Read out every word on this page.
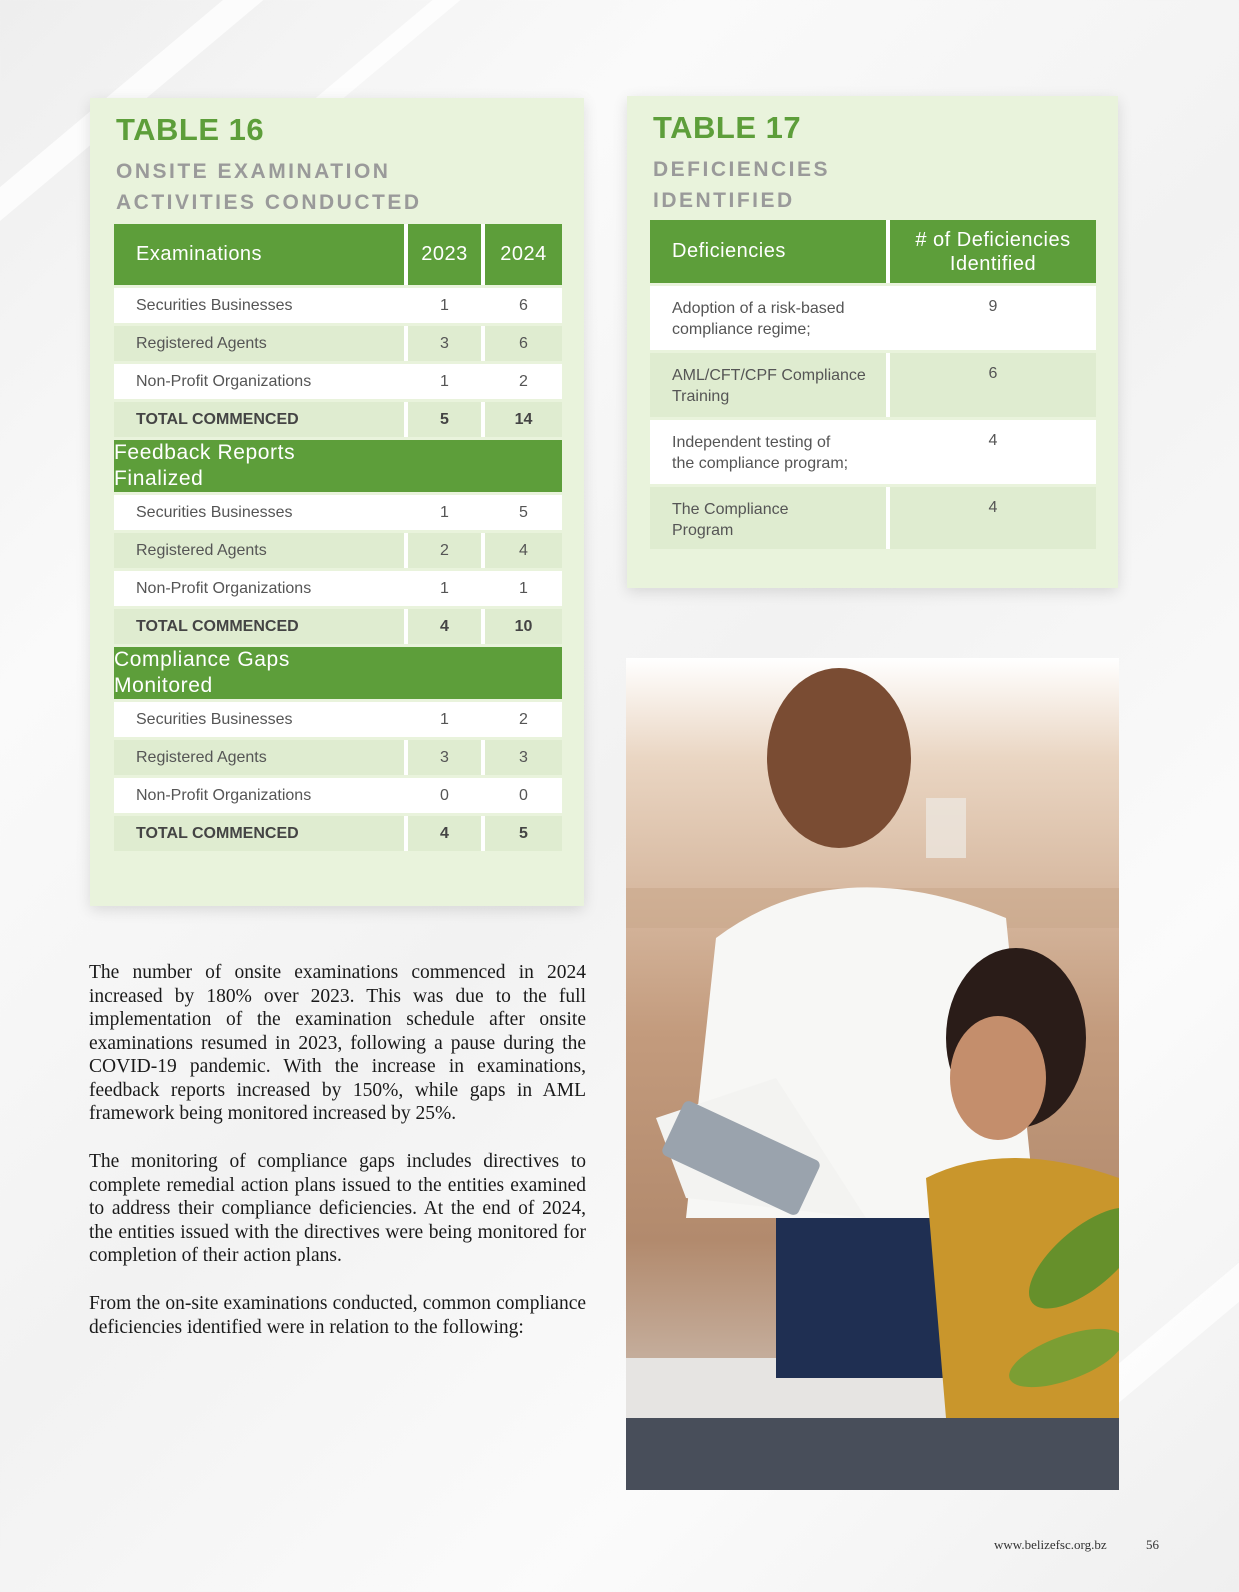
TABLE 16
ONSITE EXAMINATION
ACTIVITIES CONDUCTED
Examinations	2023	2024
Securities Businesses	1	6
Registered Agents	3	6
Non-Profit Organizations	1	2
TOTAL COMMENCED	5	14

Feedback Reports
Finalized		

Securities Businesses	1	5
Registered Agents	2	4
Non-Profit Organizations	1	1
TOTAL COMMENCED	4	10

Compliance Gaps
Monitored		

Securities Businesses	1	2
Registered Agents	3	3
Non-Profit Organizations	0	0
TOTAL COMMENCED	4	5
TABLE 17
DEFICIENCIES
IDENTIFIED
Deficiencies	# of Deficiencies
Identified

Adoption of a risk-based
compliance regime;	9

AML/CFT/CPF Compliance
Training	6

Independent testing of
the compliance program;	4

The Compliance
Program	4

The number of onsite examinations commenced in 2024 increased by 180% over 2023. This was due to the full implementation of the examination schedule after onsite examinations resumed in 2023, following a pause during the COVID-19 pandemic. With the increase in examinations, feedback reports increased by 150%, while gaps in AML framework being monitored increased by 25%.

The monitoring of compliance gaps includes directives to complete remedial action plans issued to the entities examined to address their compliance deficiencies. At the end of 2024, the entities issued with the directives were being monitored for completion of their action plans.

From the on-site examinations conducted, common compliance deficiencies identified were in relation to the following:

www.belizefsc.org.bz	56
